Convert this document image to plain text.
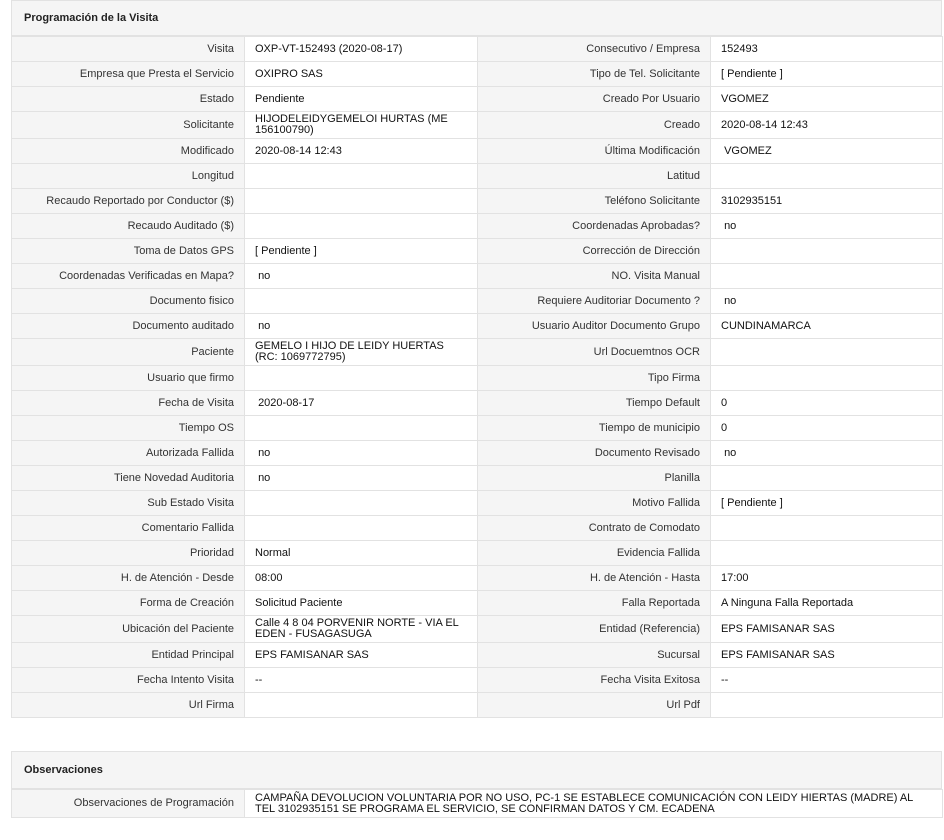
Programación de la Visita
Visita	OXP-VT-152493 (2020-08-17)	Consecutivo / Empresa	152493
Empresa que Presta el Servicio	OXIPRO SAS	Tipo de Tel. Solicitante	[ Pendiente ]
Estado	Pendiente	Creado Por Usuario	VGOMEZ
Solicitante	HIJODELEIDYGEMELOI HURTAS (ME 156100790)	Creado	2020-08-14 12:43
Modificado	2020-08-14 12:43	Última Modificación	VGOMEZ
Longitud		Latitud	
Recaudo Reportado por Conductor ($)		Teléfono Solicitante	3102935151
Recaudo Auditado ($)		Coordenadas Aprobadas?	no
Toma de Datos GPS	[ Pendiente ]	Corrección de Dirección	
Coordenadas Verificadas en Mapa?	no	NO. Visita Manual	
Documento fisico		Requiere Auditoriar Documento ?	no
Documento auditado	no	Usuario Auditor Documento Grupo	CUNDINAMARCA
Paciente	GEMELO I HIJO DE LEIDY HUERTAS (RC: 1069772795)	Url Docuemtnos OCR	
Usuario que firmo		Tipo Firma	
Fecha de Visita	2020-08-17	Tiempo Default	0
Tiempo OS		Tiempo de municipio	0
Autorizada Fallida	no	Documento Revisado	no
Tiene Novedad Auditoria	no	Planilla	
Sub Estado Visita		Motivo Fallida	[ Pendiente ]
Comentario Fallida		Contrato de Comodato	
Prioridad	Normal	Evidencia Fallida	
H. de Atención - Desde	08:00	H. de Atención - Hasta	17:00
Forma de Creación	Solicitud Paciente	Falla Reportada	A Ninguna Falla Reportada
Ubicación del Paciente	Calle 4 8 04 PORVENIR NORTE - VIA EL EDEN - FUSAGASUGA	Entidad (Referencia)	EPS FAMISANAR SAS
Entidad Principal	EPS FAMISANAR SAS	Sucursal	EPS FAMISANAR SAS
Fecha Intento Visita	--	Fecha Visita Exitosa	--
Url Firma		Url Pdf	
Observaciones
Observaciones de Programación	CAMPAÑA DEVOLUCION VOLUNTARIA POR NO USO, PC-1 SE ESTABLECE COMUNICACIÓN CON LEIDY HIERTAS (MADRE) AL TEL 3102935151 SE PROGRAMA EL SERVICIO, SE CONFIRMAN DATOS Y CM. ECADENA
